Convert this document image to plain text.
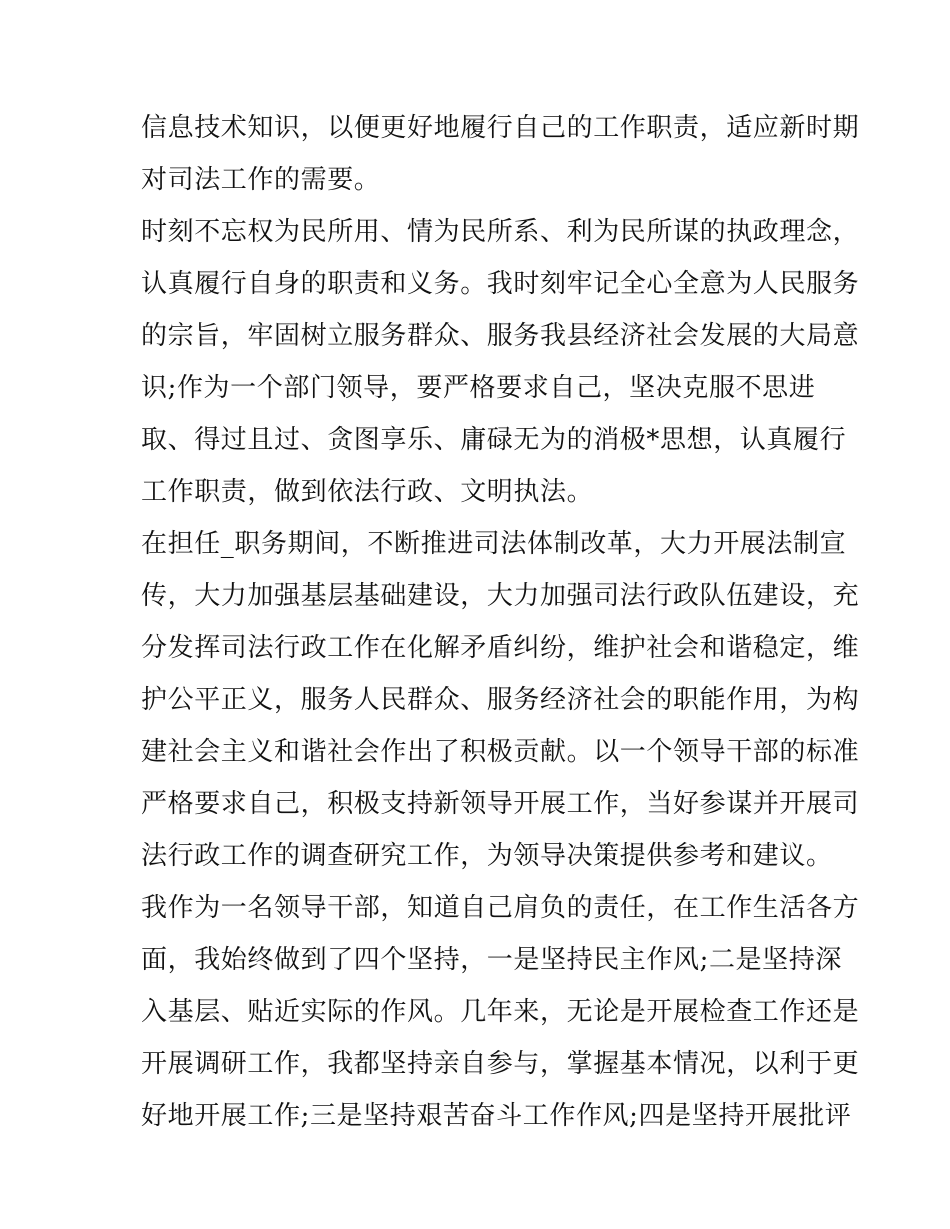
信息技术知识，以便更好地履行自己的工作职责，适应新时期
对司法工作的需要。
时刻不忘权为民所用、情为民所系、利为民所谋的执政理念，
认真履行自身的职责和义务。我时刻牢记全心全意为人民服务
的宗旨，牢固树立服务群众、服务我县经济社会发展的大局意
识;作为一个部门领导，要严格要求自己，坚决克服不思进
取、得过且过、贪图享乐、庸碌无为的消极*思想，认真履行
工作职责，做到依法行政、文明执法。
在担任_职务期间，不断推进司法体制改革，大力开展法制宣
传，大力加强基层基础建设，大力加强司法行政队伍建设，充
分发挥司法行政工作在化解矛盾纠纷，维护社会和谐稳定，维
护公平正义，服务人民群众、服务经济社会的职能作用，为构
建社会主义和谐社会作出了积极贡献。以一个领导干部的标准
严格要求自己，积极支持新领导开展工作，当好参谋并开展司
法行政工作的调查研究工作，为领导决策提供参考和建议。
我作为一名领导干部，知道自己肩负的责任，在工作生活各方
面，我始终做到了四个坚持，一是坚持民主作风;二是坚持深
入基层、贴近实际的作风。几年来，无论是开展检查工作还是
开展调研工作，我都坚持亲自参与，掌握基本情况，以利于更
好地开展工作;三是坚持艰苦奋斗工作作风;四是坚持开展批评
